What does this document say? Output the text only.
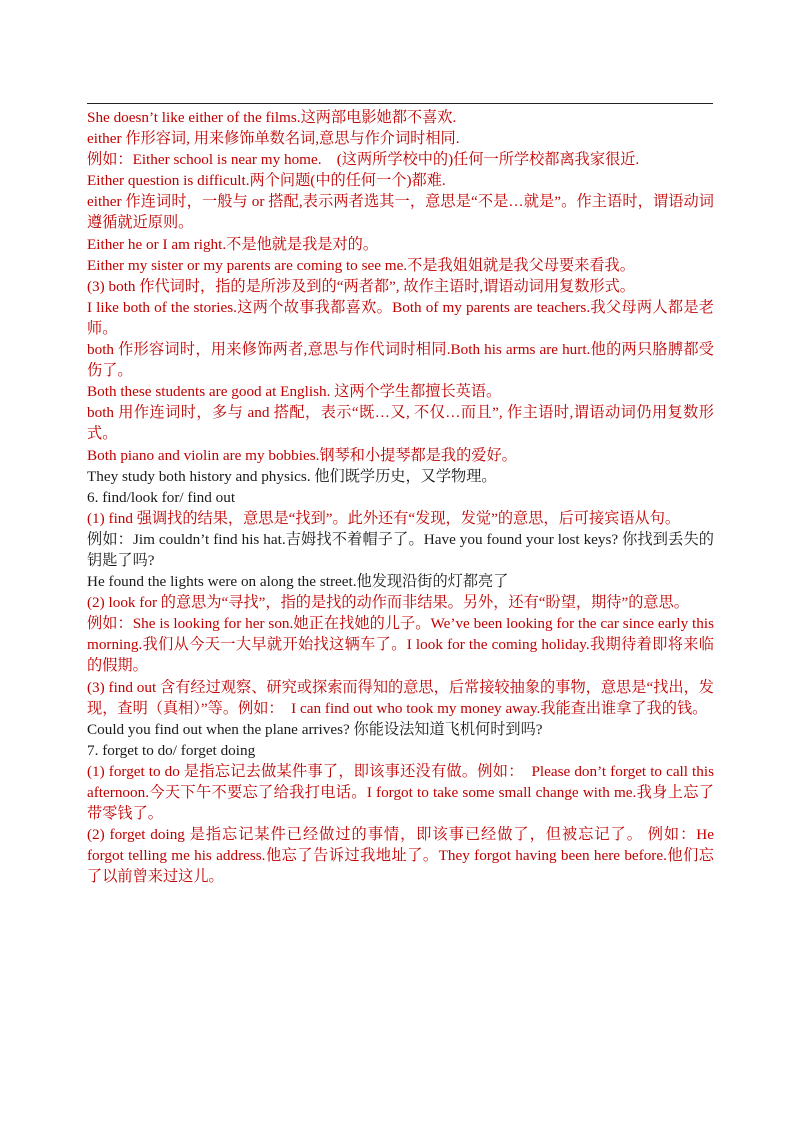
She doesn’t like either of the films.这两部电影她都不喜欢.

either 作形容词, 用来修饰单数名词,意思与作介词时相同.

例如：Either school is near my home.　(这两所学校中的)任何一所学校都离我家很近.

Either question is difficult.两个问题(中的任何一个)都难.

either 作连词时，一般与 or 搭配,表示两者选其一，意思是“不是…就是”。作主语时，谓语动词遵循就近原则。

Either he or I am right.不是他就是我是对的。

Either my sister or my parents are coming to see me.不是我姐姐就是我父母要来看我。

(3) both 作代词时，指的是所涉及到的“两者都”, 故作主语时,谓语动词用复数形式。

I like both of the stories.这两个故事我都喜欢。Both of my parents are teachers.我父母两人都是老师。

both 作形容词时，用来修饰两者,意思与作代词时相同.Both his arms are hurt.他的两只胳膊都受伤了。

Both these students are good at English. 这两个学生都擅长英语。

both 用作连词时，多与 and 搭配，表示“既…又, 不仅…而且”, 作主语时,谓语动词仍用复数形式。

Both piano and violin are my bobbies.钢琴和小提琴都是我的爱好。

They study both history and physics. 他们既学历史，又学物理。

6. find/look for/ find out

(1) find 强调找的结果，意思是“找到”。此外还有“发现，发觉”的意思，后可接宾语从句。

例如：Jim couldn’t find his hat.吉姆找不着帽子了。Have you found your lost keys? 你找到丢失的钥匙了吗?

He found the lights were on along the street.他发现沿街的灯都亮了

(2) look for 的意思为“寻找”，指的是找的动作而非结果。另外，还有“盼望，期待”的意思。

例如：She is looking for her son.她正在找她的儿子。We’ve been looking for the car since early this morning.我们从今天一大早就开始找这辆车了。I look for the coming holiday.我期待着即将来临的假期。

(3) find out 含有经过观察、研究或探索而得知的意思，后常接较抽象的事物，意思是“找出，发现，查明（真相）”等。例如：　I can find out who took my money away.我能查出谁拿了我的钱。

Could you find out when the plane arrives? 你能设法知道飞机何时到吗?

7. forget to do/ forget doing

(1) forget to do 是指忘记去做某件事了，即该事还没有做。例如：　Please don’t forget to call this afternoon.今天下午不要忘了给我打电话。I forgot to take some small change with me.我身上忘了带零钱了。

(2) forget doing 是指忘记某件已经做过的事情，即该事已经做了，但被忘记了。 例如：He forgot telling me his address.他忘了告诉过我地址了。They forgot having been here before.他们忘了以前曾来过这儿。
